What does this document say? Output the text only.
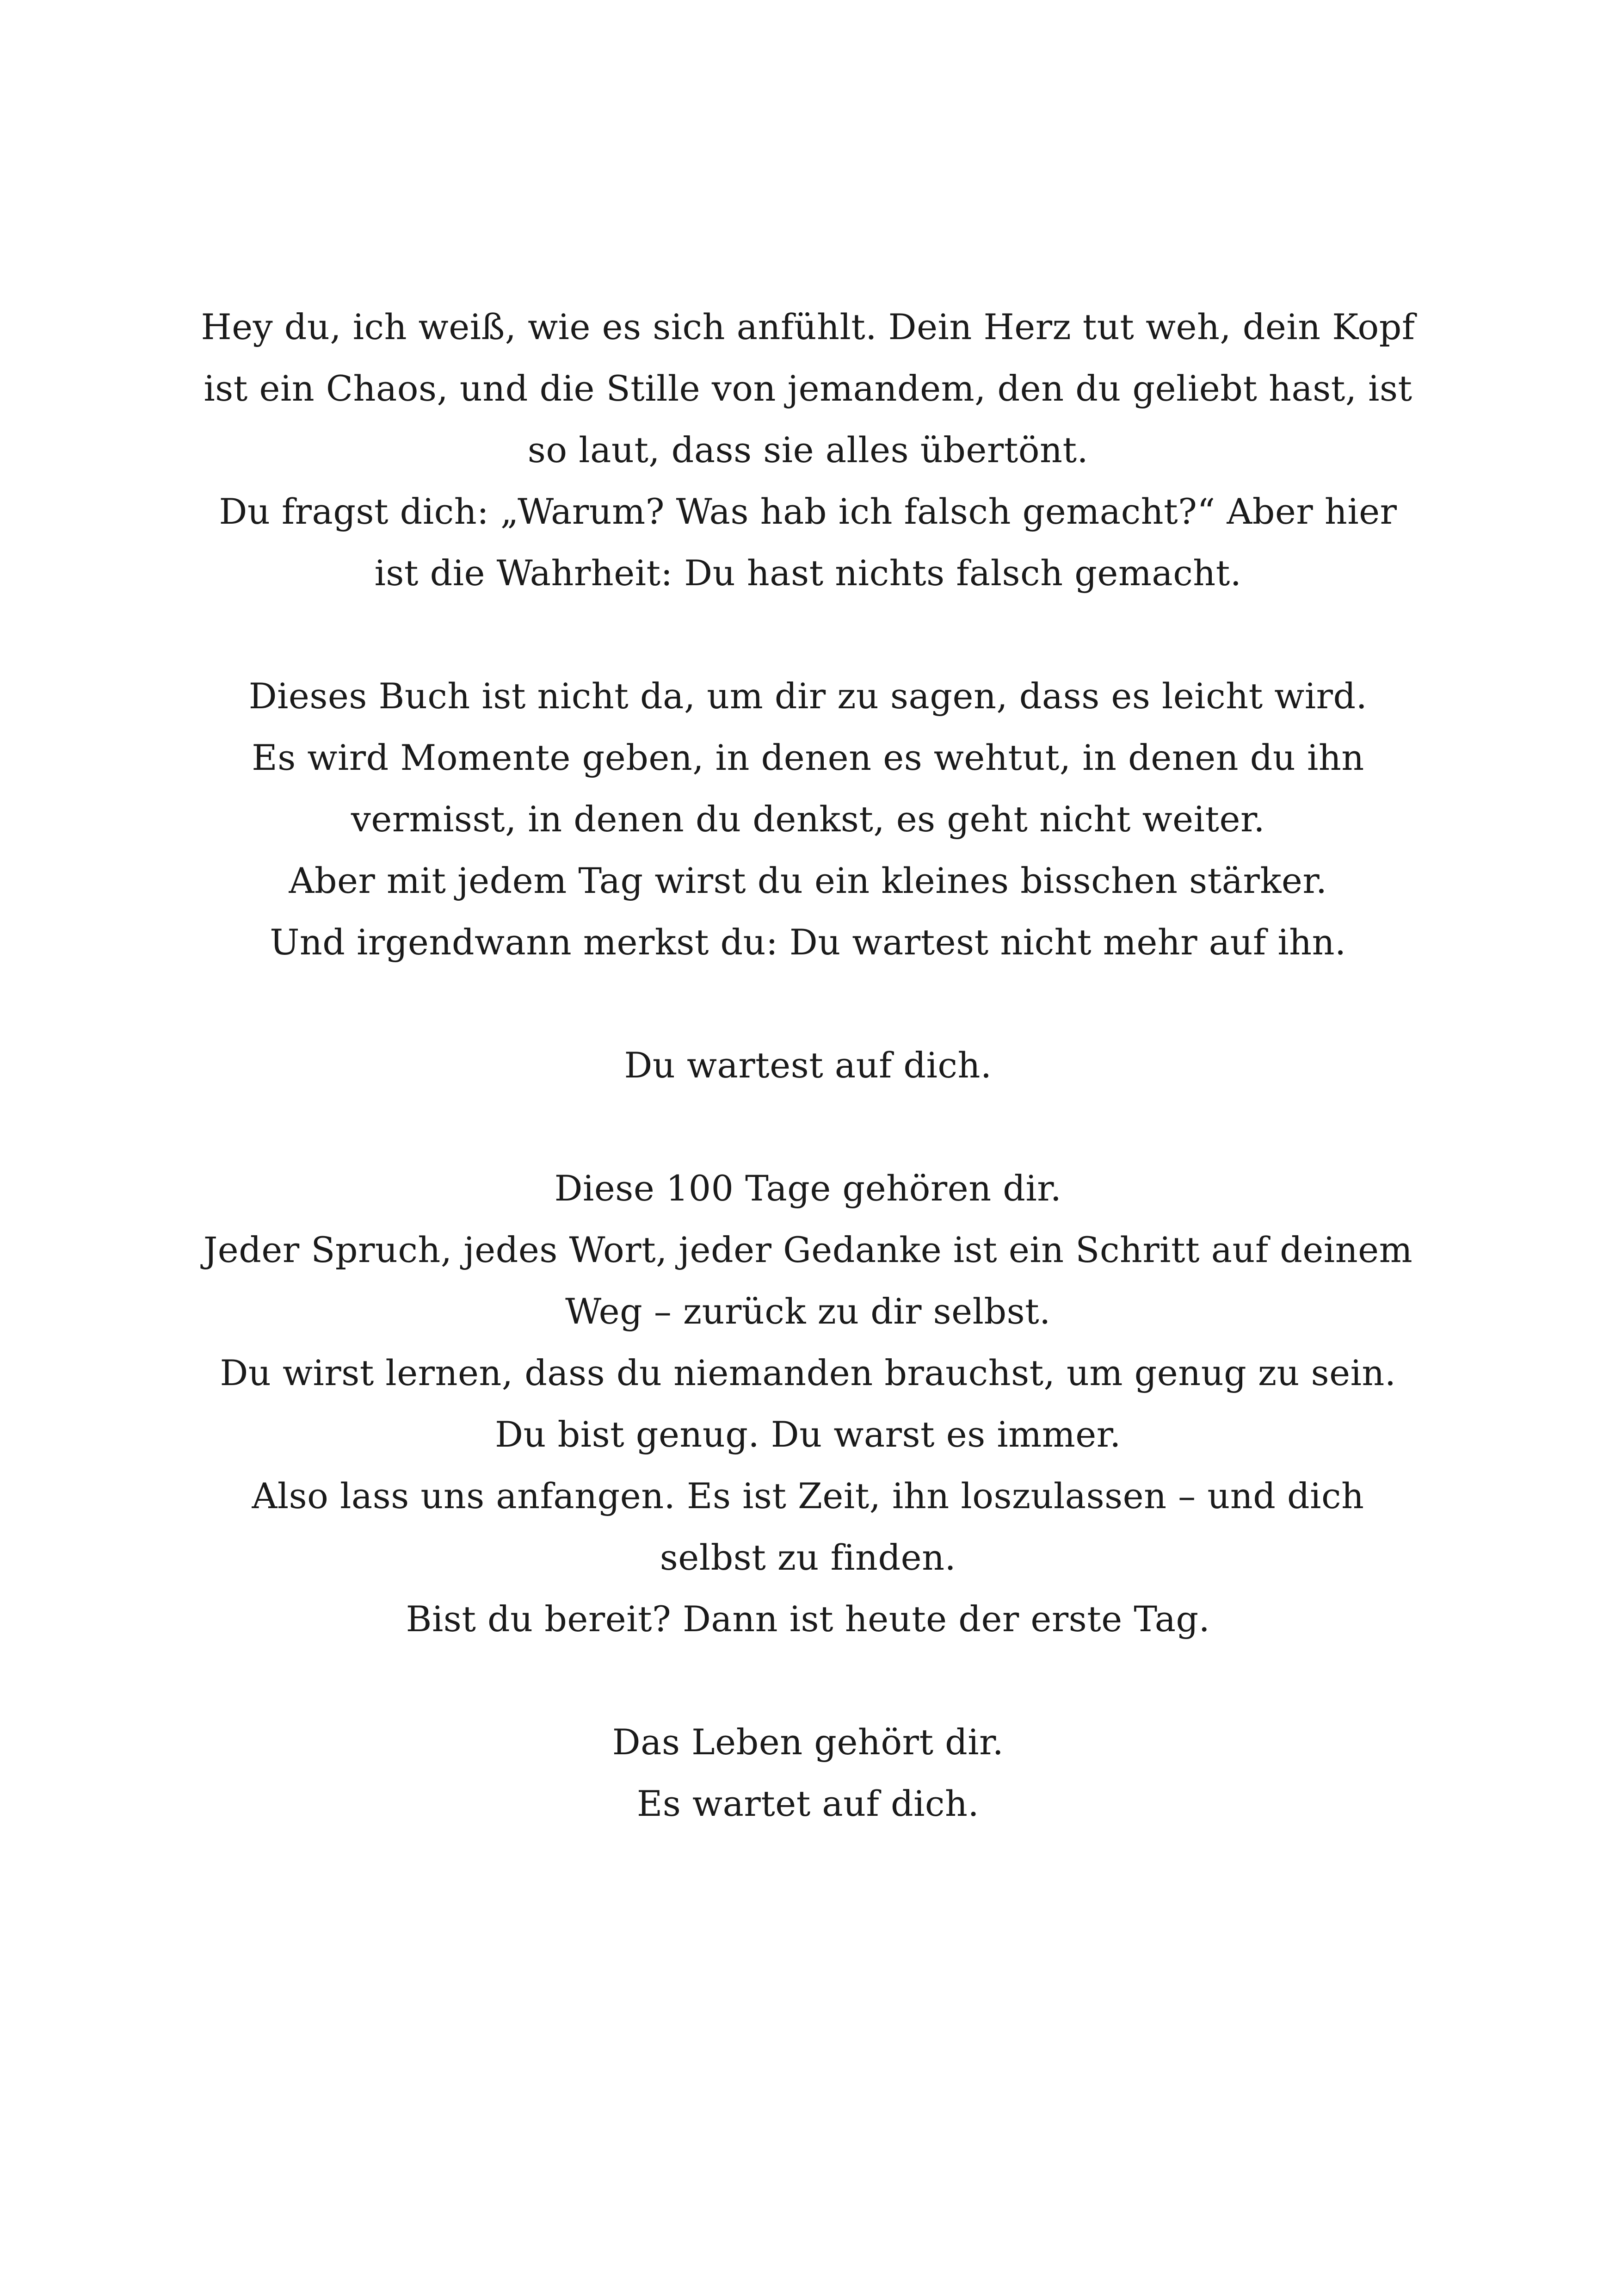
Hey du, ich weiß, wie es sich anfühlt. Dein Herz tut weh, dein Kopf
ist ein Chaos, und die Stille von jemandem, den du geliebt hast, ist
so laut, dass sie alles übertönt.
Du fragst dich: „Warum? Was hab ich falsch gemacht?“ Aber hier
ist die Wahrheit: Du hast nichts falsch gemacht.
Dieses Buch ist nicht da, um dir zu sagen, dass es leicht wird.
Es wird Momente geben, in denen es wehtut, in denen du ihn
vermisst, in denen du denkst, es geht nicht weiter.
Aber mit jedem Tag wirst du ein kleines bisschen stärker.
Und irgendwann merkst du: Du wartest nicht mehr auf ihn.
Du wartest auf dich.
Diese 100 Tage gehören dir.
Jeder Spruch, jedes Wort, jeder Gedanke ist ein Schritt auf deinem
Weg – zurück zu dir selbst.
Du wirst lernen, dass du niemanden brauchst, um genug zu sein.
Du bist genug. Du warst es immer.
Also lass uns anfangen. Es ist Zeit, ihn loszulassen – und dich
selbst zu finden.
Bist du bereit? Dann ist heute der erste Tag.
Das Leben gehört dir.
Es wartet auf dich.
